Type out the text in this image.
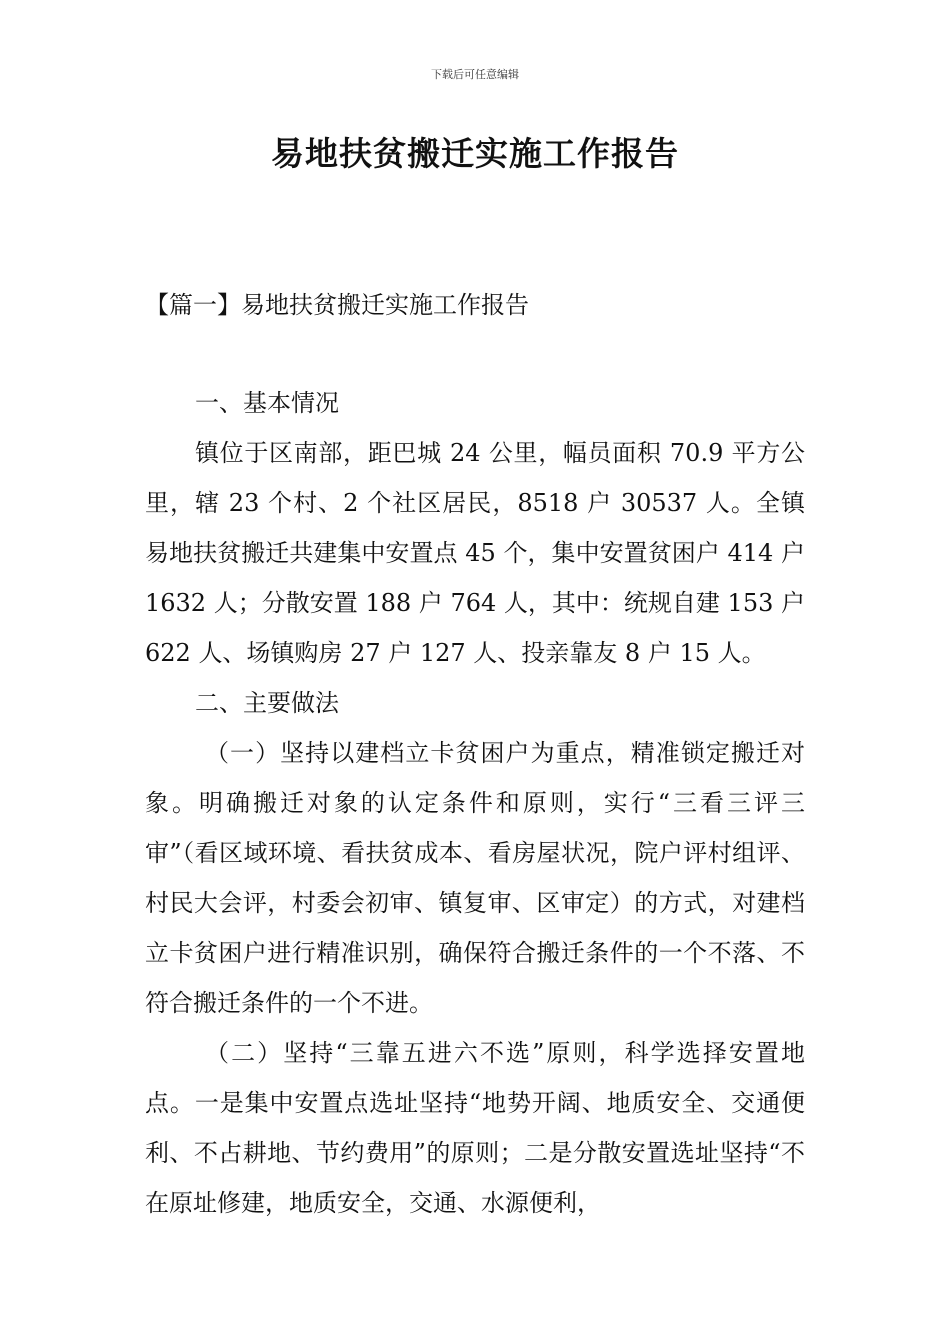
下载后可任意编辑
易地扶贫搬迁实施工作报告
【篇一】易地扶贫搬迁实施工作报告
一、基本情况
镇位于区南部，距巴城 24 公里，幅员面积 70.9 平方公里，辖 23 个村、2 个社区居民，8518 户 30537 人。全镇易地扶贫搬迁共建集中安置点 45 个，集中安置贫困户 414 户 1632 人；分散安置 188 户 764 人，其中：统规自建 153 户 622 人、场镇购房 27 户 127 人、投亲靠友 8 户 15 人。
二、主要做法
（一）坚持以建档立卡贫困户为重点，精准锁定搬迁对象。明确搬迁对象的认定条件和原则，实行“三看三评三审”（看区域环境、看扶贫成本、看房屋状况，院户评村组评、村民大会评，村委会初审、镇复审、区审定）的方式，对建档立卡贫困户进行精准识别，确保符合搬迁条件的一个不落、不符合搬迁条件的一个不进。
（二）坚持“三靠五进六不选”原则，科学选择安置地点。一是集中安置点选址坚持“地势开阔、地质安全、交通便利、不占耕地、节约费用”的原则；二是分散安置选址坚持“不在原址修建，地质安全，交通、水源便利，
